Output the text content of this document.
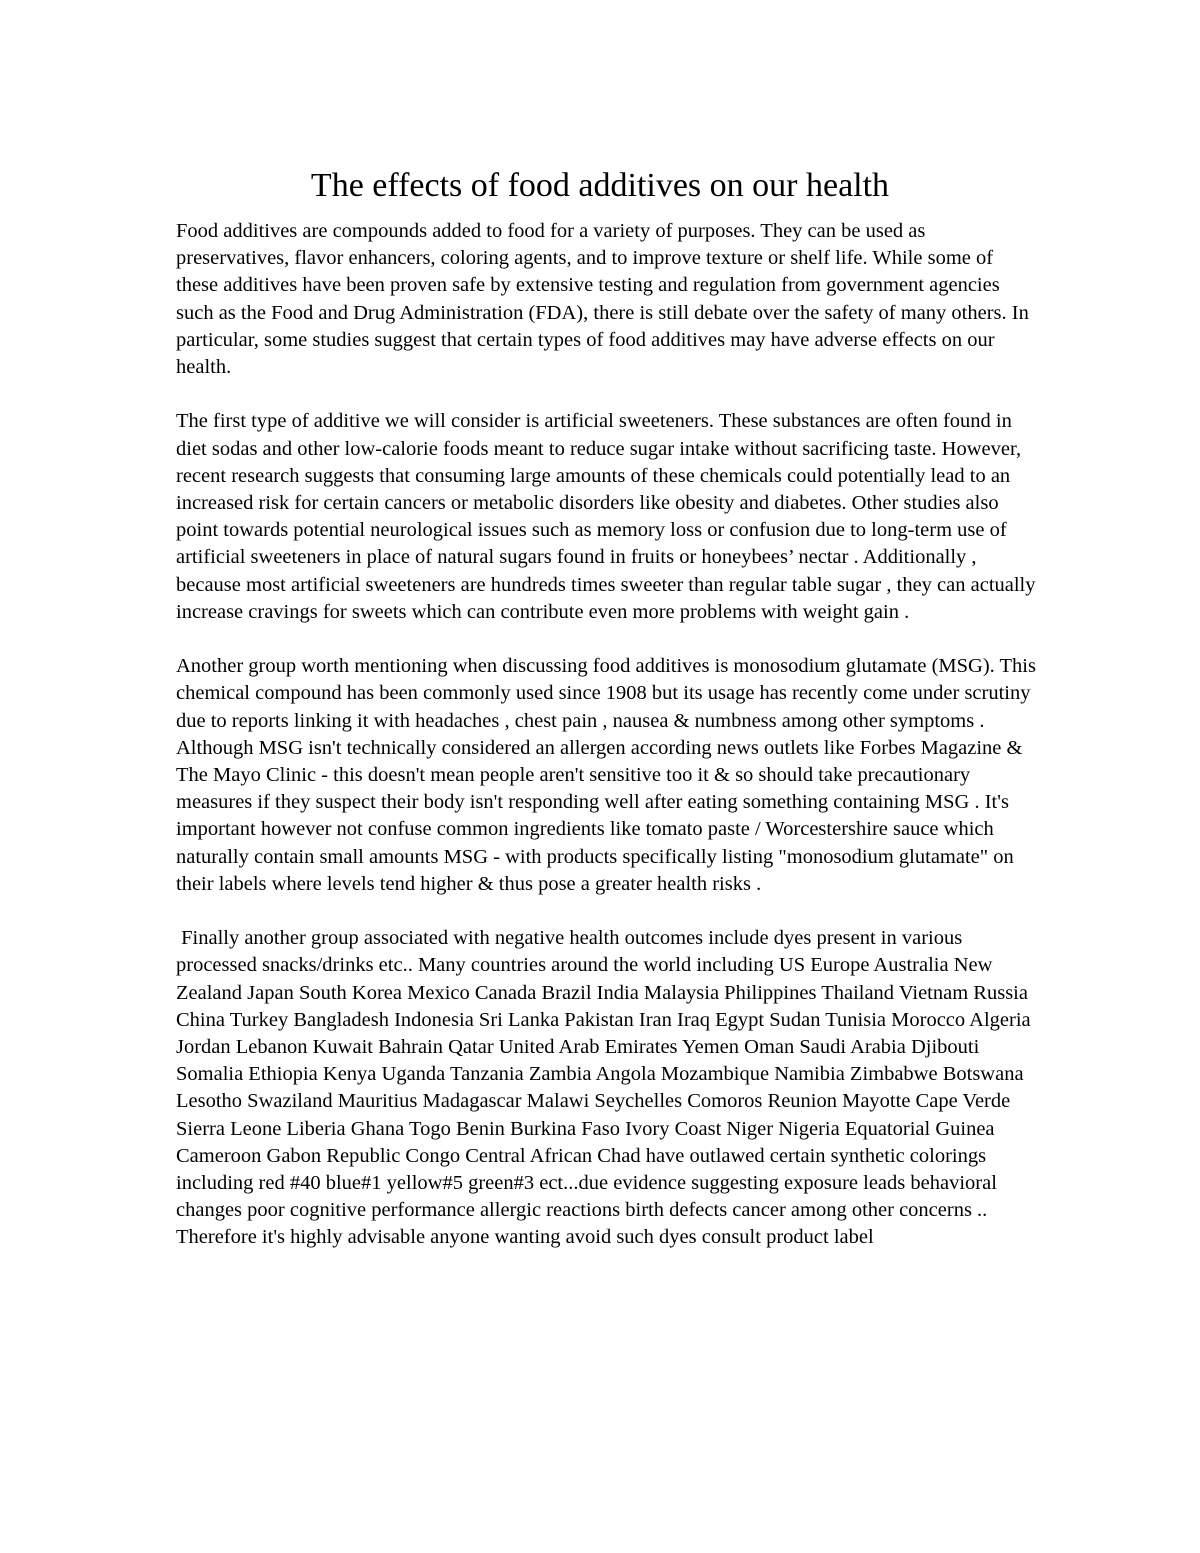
The effects of food additives on our health

Food additives are compounds added to food for a variety of purposes. They can be used as preservatives, flavor enhancers, coloring agents, and to improve texture or shelf life. While some of these additives have been proven safe by extensive testing and regulation from government agencies such as the Food and Drug Administration (FDA), there is still debate over the safety of many others. In particular, some studies suggest that certain types of food additives may have adverse effects on our health.

The first type of additive we will consider is artificial sweeteners. These substances are often found in diet sodas and other low-calorie foods meant to reduce sugar intake without sacrificing taste. However, recent research suggests that consuming large amounts of these chemicals could potentially lead to an increased risk for certain cancers or metabolic disorders like obesity and diabetes. Other studies also point towards potential neurological issues such as memory loss or confusion due to long-term use of artificial sweeteners in place of natural sugars found in fruits or honeybees’ nectar . Additionally , because most artificial sweeteners are hundreds times sweeter than regular table sugar , they can actually increase cravings for sweets which can contribute even more problems with weight gain .

Another group worth mentioning when discussing food additives is monosodium glutamate (MSG). This chemical compound has been commonly used since 1908 but its usage has recently come under scrutiny due to reports linking it with headaches , chest pain , nausea & numbness among other symptoms . Although MSG isn't technically considered an allergen according news outlets like Forbes Magazine & The Mayo Clinic - this doesn't mean people aren't sensitive too it & so should take precautionary measures if they suspect their body isn't responding well after eating something containing MSG . It's important however not confuse common ingredients like tomato paste / Worcestershire sauce which naturally contain small amounts MSG - with products specifically listing "monosodium glutamate" on their labels where levels tend higher & thus pose a greater health risks .

Finally another group associated with negative health outcomes include dyes present in various processed snacks/drinks etc.. Many countries around the world including US Europe Australia New Zealand Japan South Korea Mexico Canada Brazil India Malaysia Philippines Thailand Vietnam Russia China Turkey Bangladesh Indonesia Sri Lanka Pakistan Iran Iraq Egypt Sudan Tunisia Morocco Algeria Jordan Lebanon Kuwait Bahrain Qatar United Arab Emirates Yemen Oman Saudi Arabia Djibouti Somalia Ethiopia Kenya Uganda Tanzania Zambia Angola Mozambique Namibia Zimbabwe Botswana Lesotho Swaziland Mauritius Madagascar Malawi Seychelles Comoros Reunion Mayotte Cape Verde Sierra Leone Liberia Ghana Togo Benin Burkina Faso Ivory Coast Niger Nigeria Equatorial Guinea Cameroon Gabon Republic Congo Central African Chad have outlawed certain synthetic colorings including red #40 blue#1 yellow#5 green#3 ect...due evidence suggesting exposure leads behavioral changes poor cognitive performance allergic reactions birth defects cancer among other concerns .. Therefore it's highly advisable anyone wanting avoid such dyes consult product label
